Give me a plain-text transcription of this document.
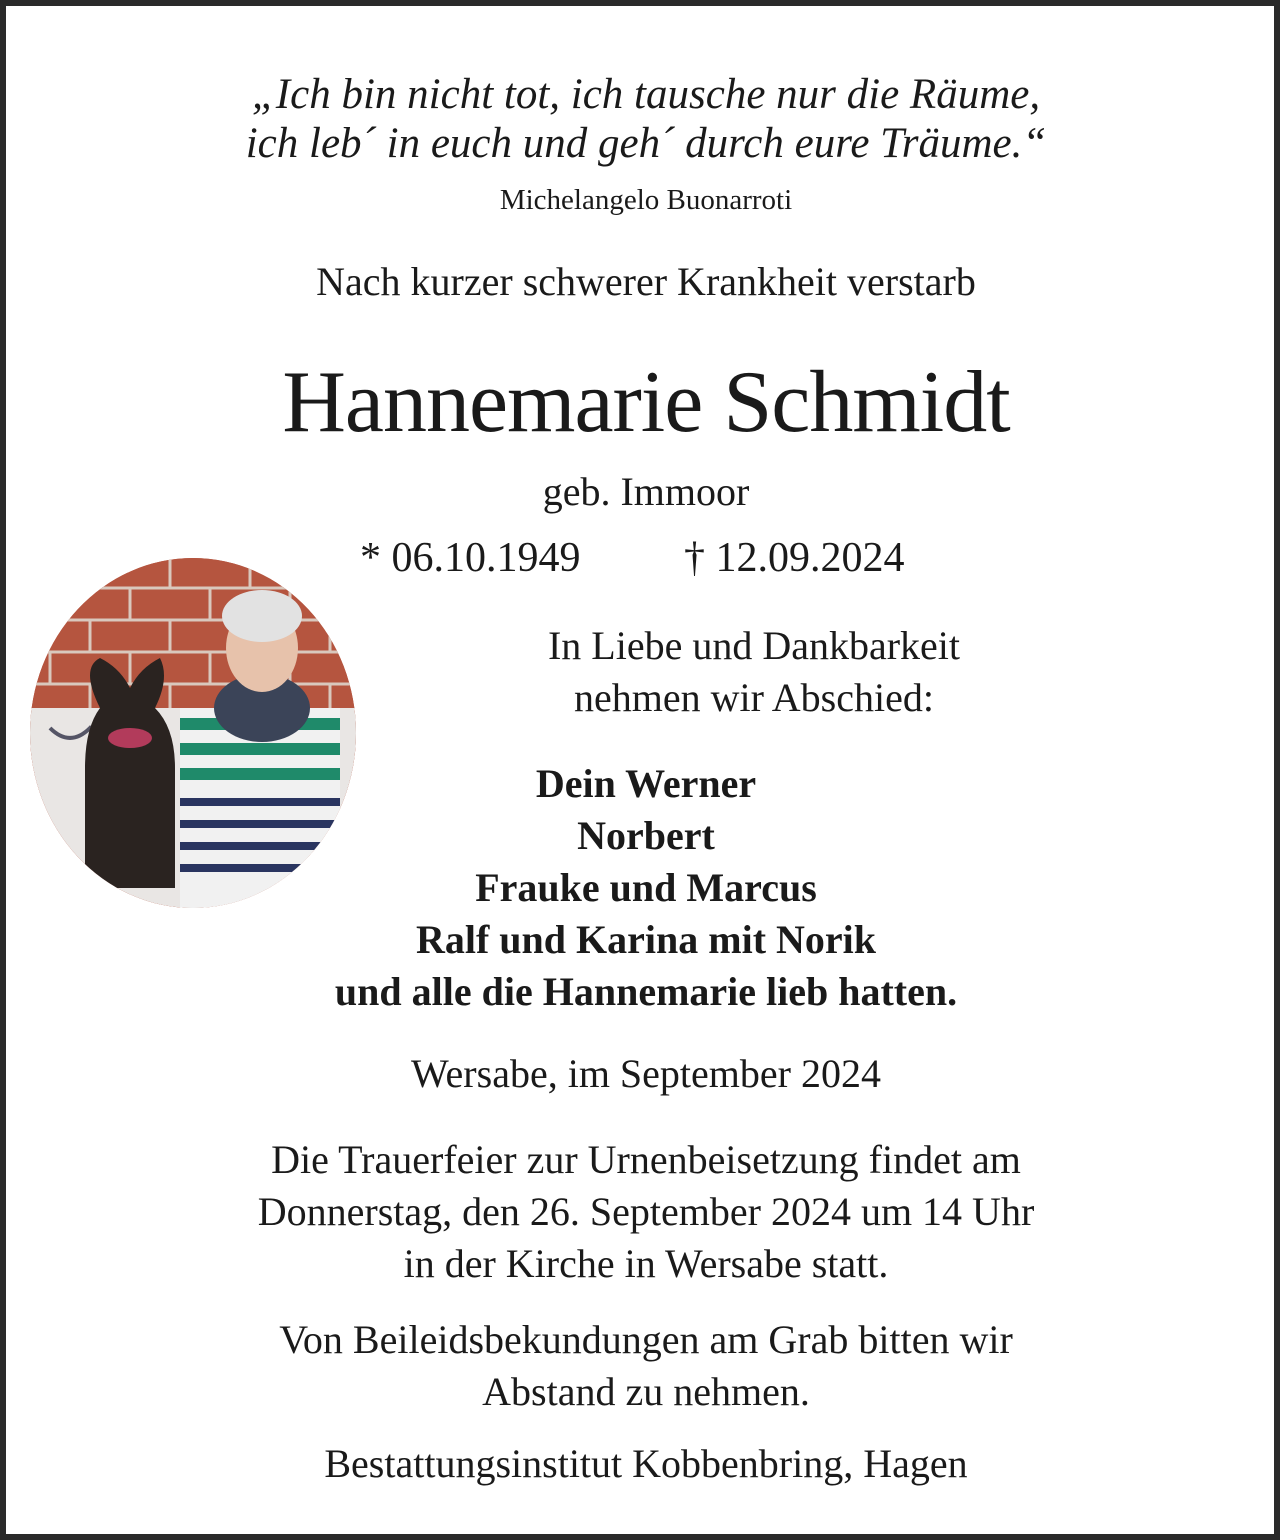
„Ich bin nicht tot, ich tausche nur die Räume,
ich leb´ in euch und geh´ durch eure Träume.“
Michelangelo Buonarroti
Nach kurzer schwerer Krankheit verstarb
Hannemarie Schmidt
geb. Immoor
* 06.10.1949 † 12.09.2024
In Liebe und Dankbarkeit
nehmen wir Abschied:
Dein Werner
Norbert
Frauke und Marcus
Ralf und Karina mit Norik
und alle die Hannemarie lieb hatten.
Wersabe, im September 2024
Die Trauerfeier zur Urnenbeisetzung findet am
Donnerstag, den 26. September 2024 um 14 Uhr
in der Kirche in Wersabe statt.
Von Beileidsbekundungen am Grab bitten wir
Abstand zu nehmen.
Bestattungsinstitut Kobbenbring, Hagen
